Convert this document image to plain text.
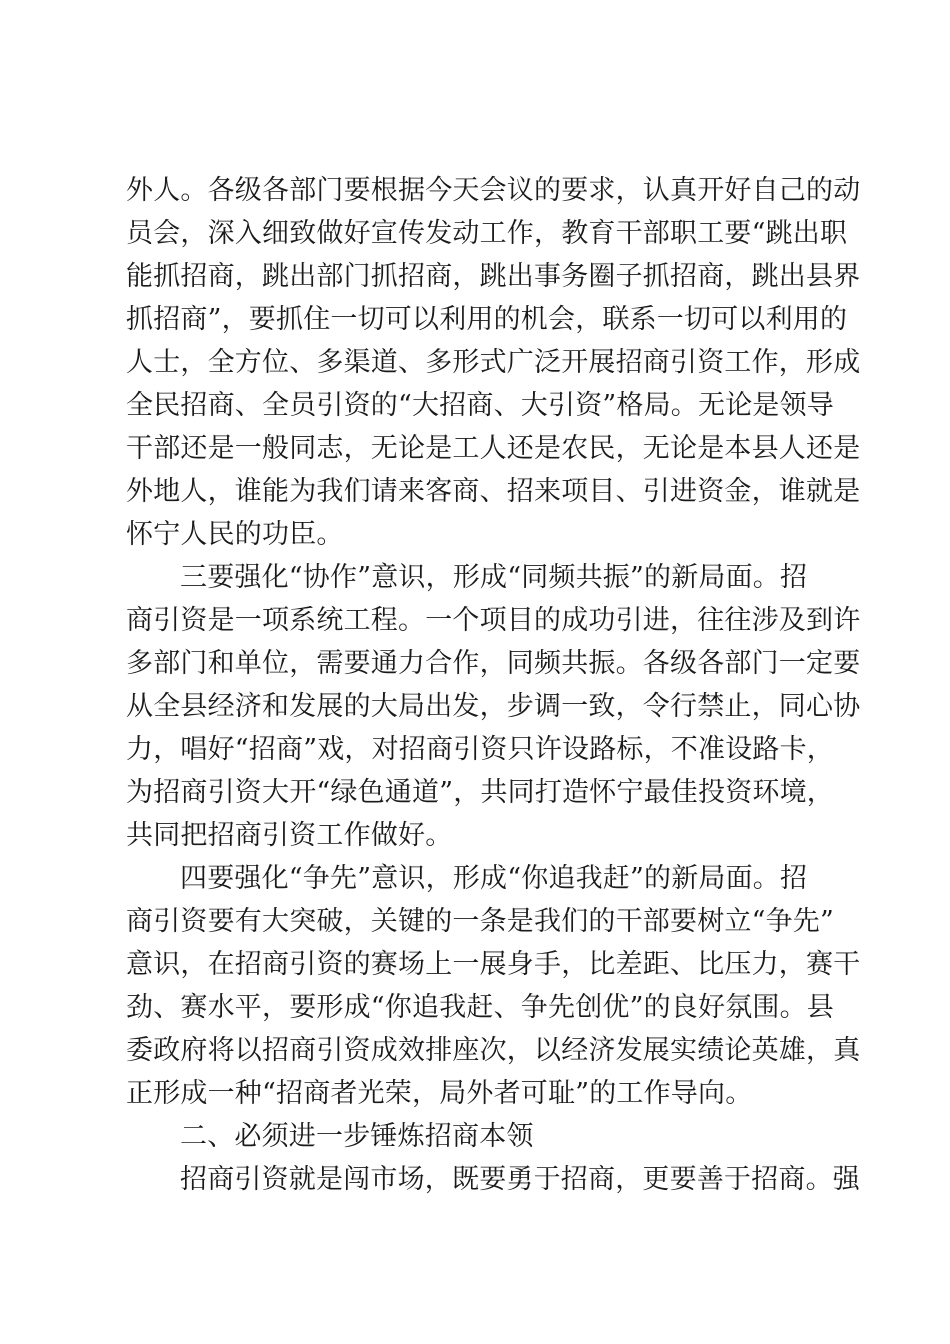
外人。各级各部门要根据今天会议的要求，认真开好自己的动
员会，深入细致做好宣传发动工作，教育干部职工要“跳出职
能抓招商，跳出部门抓招商，跳出事务圈子抓招商，跳出县界
抓招商”，要抓住一切可以利用的机会，联系一切可以利用的
人士，全方位、多渠道、多形式广泛开展招商引资工作，形成
全民招商、全员引资的“大招商、大引资”格局。无论是领导
干部还是一般同志，无论是工人还是农民，无论是本县人还是
外地人，谁能为我们请来客商、招来项目、引进资金，谁就是
怀宁人民的功臣。
三要强化“协作”意识，形成“同频共振”的新局面。招
商引资是一项系统工程。一个项目的成功引进，往往涉及到许
多部门和单位，需要通力合作，同频共振。各级各部门一定要
从全县经济和发展的大局出发，步调一致，令行禁止，同心协
力，唱好“招商”戏，对招商引资只许设路标，不准设路卡，
为招商引资大开“绿色通道”，共同打造怀宁最佳投资环境，
共同把招商引资工作做好。
四要强化“争先”意识，形成“你追我赶”的新局面。招
商引资要有大突破，关键的一条是我们的干部要树立“争先”
意识，在招商引资的赛场上一展身手，比差距、比压力，赛干
劲、赛水平，要形成“你追我赶、争先创优”的良好氛围。县
委政府将以招商引资成效排座次，以经济发展实绩论英雄，真
正形成一种“招商者光荣，局外者可耻”的工作导向。
二、必须进一步锤炼招商本领
招商引资就是闯市场，既要勇于招商，更要善于招商。强
